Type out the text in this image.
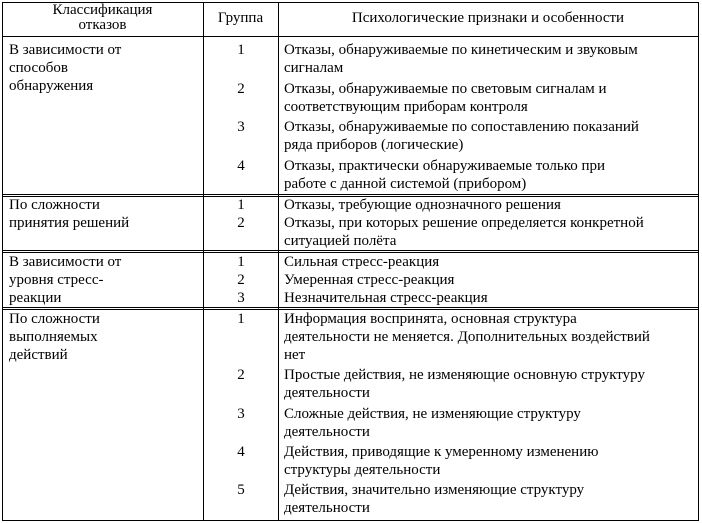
Классификация
отказов	Группа	Психологические признаки и особенности
В зависимости от
способов
обнаружения
1	Отказы, обнаруживаемые по кинетическим и звуковым
сигналам
2	Отказы, обнаруживаемые по световым сигналам и
соответствующим приборам контроля
3	Отказы, обнаруживаемые по сопоставлению показаний
ряда приборов (логические)
4	Отказы, практически обнаруживаемые только при
работе с данной системой (прибором)
По сложности
принятия решений
1	Отказы, требующие однозначного решения
2	Отказы, при которых решение определяется конкретной
ситуацией полёта
В зависимости от
уровня стресс-
реакции
1	Сильная стресс-реакция
2	Умеренная стресс-реакция
3	Незначительная стресс-реакция
По сложности
выполняемых
действий
1	Информация воспринята, основная структура
деятельности не меняется. Дополнительных воздействий
нет
2	Простые действия, не изменяющие основную структуру
деятельности
3	Сложные действия, не изменяющие структуру
деятельности
4	Действия, приводящие к умеренному изменению
структуры деятельности
5	Действия, значительно изменяющие структуру
деятельности
